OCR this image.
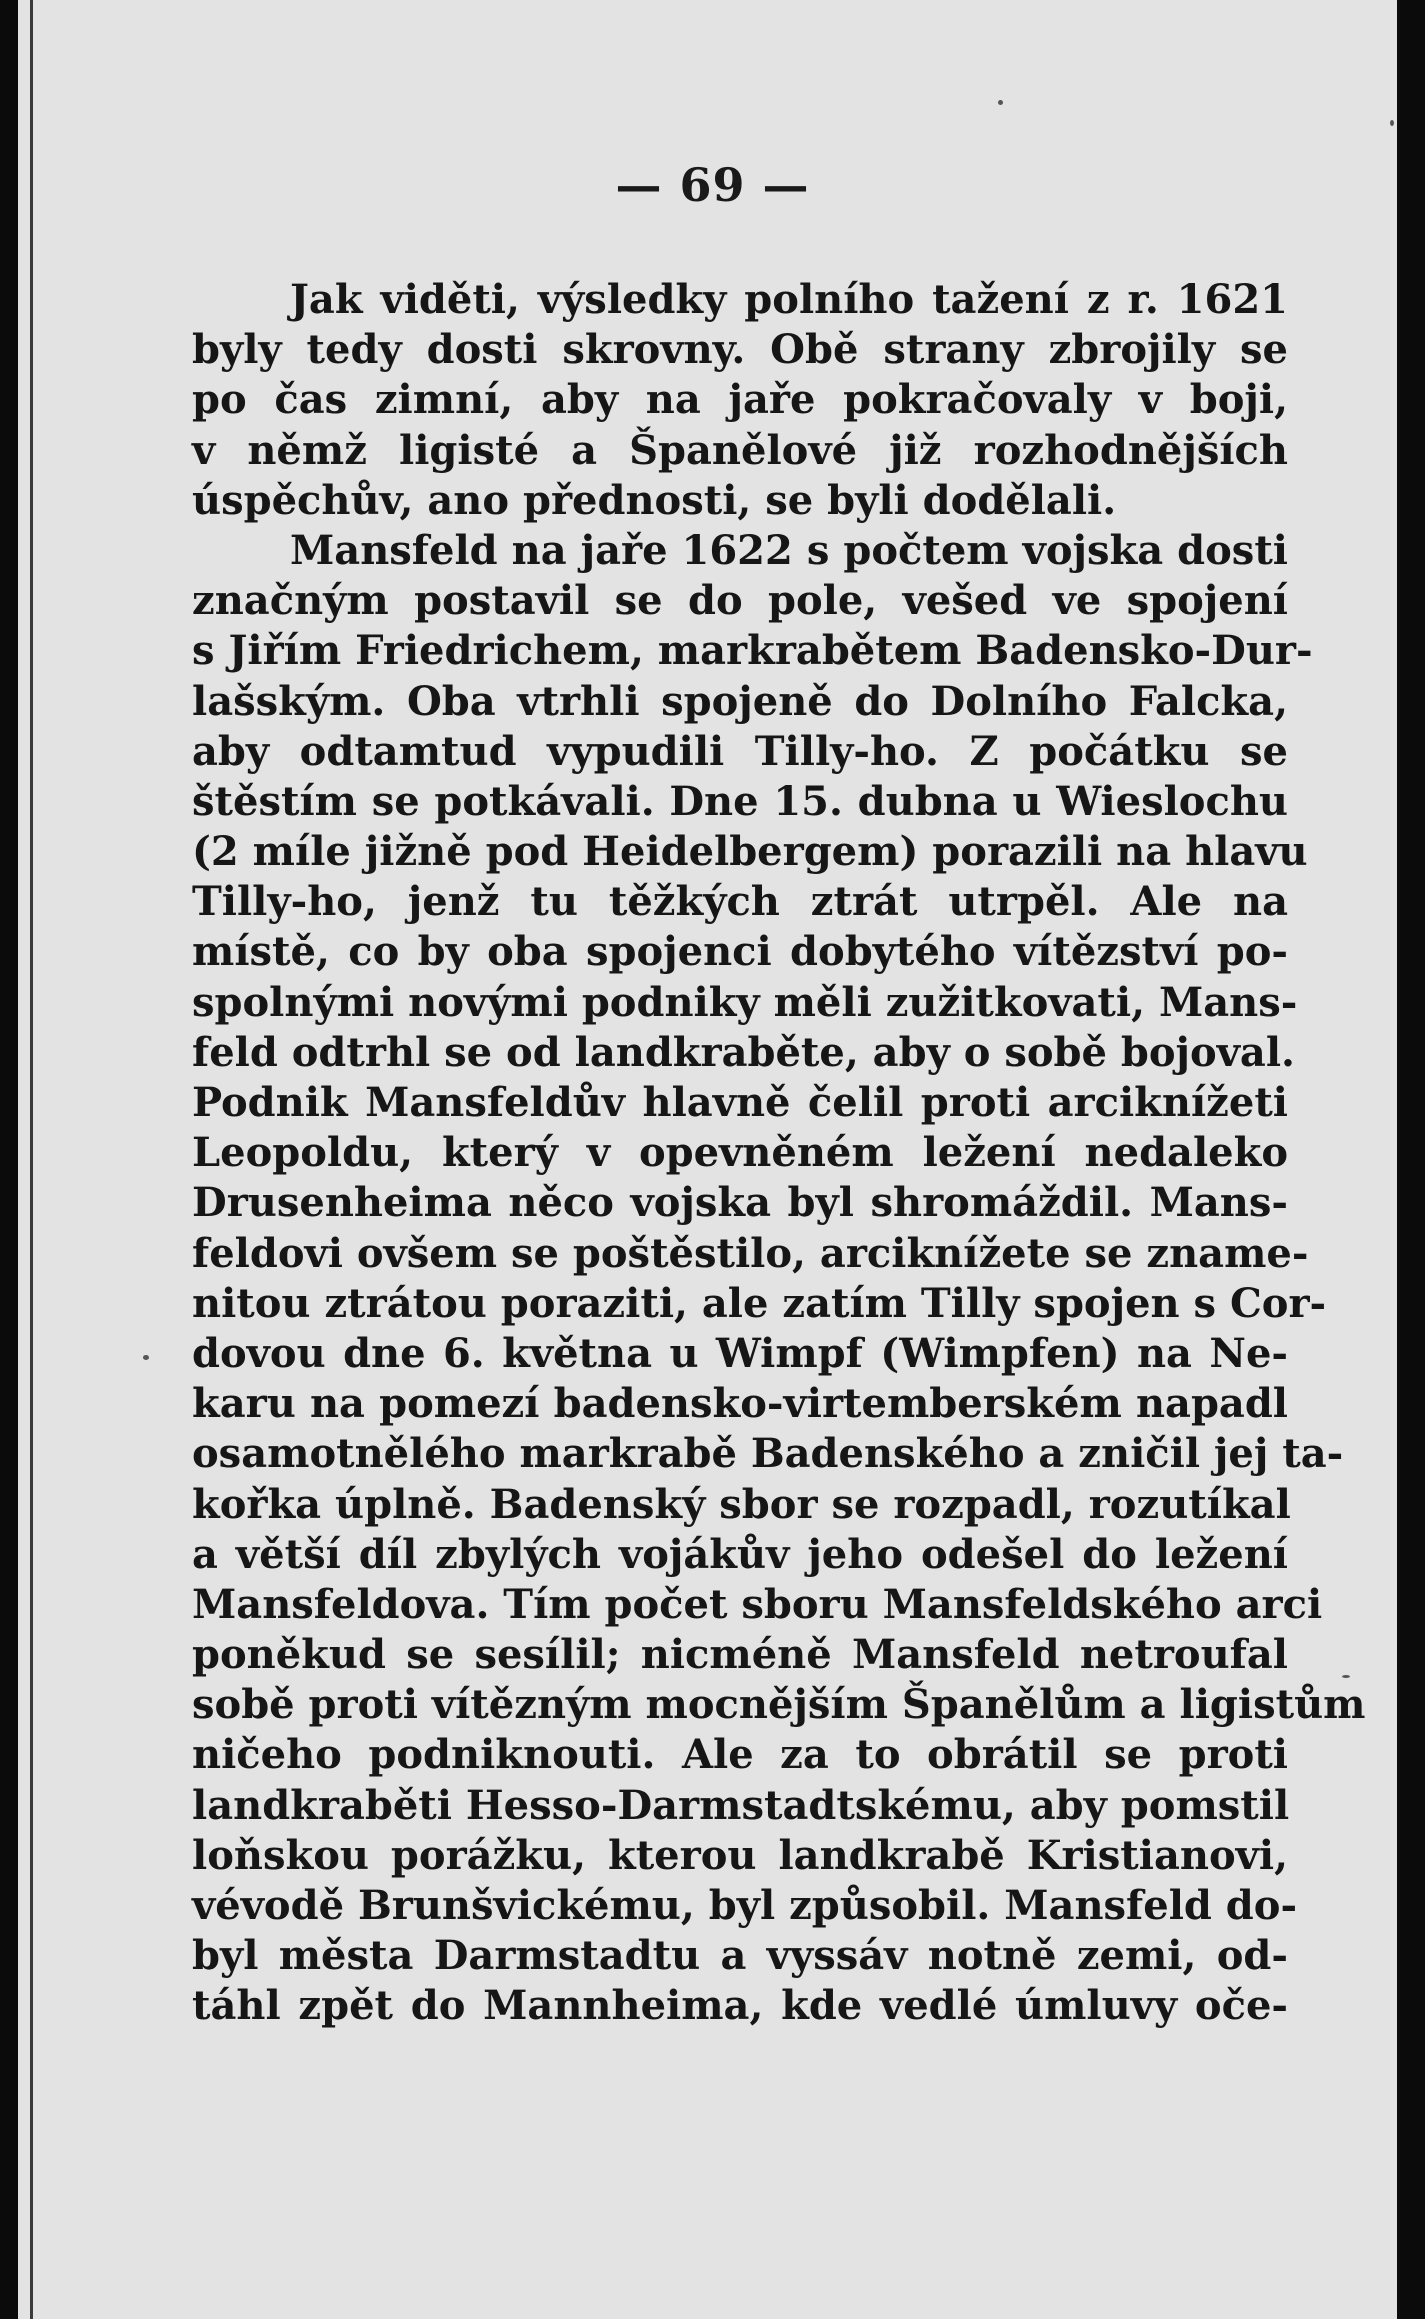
— 69 —
Jak viděti, výsledky polního tažení z r. 1621
byly tedy dosti skrovny. Obě strany zbrojily se
po čas zimní, aby na jaře pokračovaly v boji,
v němž ligisté a Španělové již rozhodnějších
úspěchův, ano přednosti, se byli dodělali.
Mansfeld na jaře 1622 s počtem vojska dosti
značným postavil se do pole, vešed ve spojení
s Jiřím Friedrichem, markrabětem Badensko-Dur-
lašským. Oba vtrhli spojeně do Dolního Falcka,
aby odtamtud vypudili Tilly-ho. Z počátku se
štěstím se potkávali. Dne 15. dubna u Wieslochu
(2 míle jižně pod Heidelbergem) porazili na hlavu
Tilly-ho, jenž tu těžkých ztrát utrpěl. Ale na
místě, co by oba spojenci dobytého vítězství po-
spolnými novými podniky měli zužitkovati, Mans-
feld odtrhl se od landkraběte, aby o sobě bojoval.
Podnik Mansfeldův hlavně čelil proti arciknížeti
Leopoldu, který v opevněném ležení nedaleko
Drusenheima něco vojska byl shromáždil. Mans-
feldovi ovšem se poštěstilo, arciknížete se zname-
nitou ztrátou poraziti, ale zatím Tilly spojen s Cor-
dovou dne 6. května u Wimpf (Wimpfen) na Ne-
karu na pomezí badensko-virtemberském napadl
osamotnělého markrabě Badenského a zničil jej ta-
kořka úplně. Badenský sbor se rozpadl, rozutíkal
a větší díl zbylých vojákův jeho odešel do ležení
Mansfeldova. Tím počet sboru Mansfeldského arci
poněkud se sesílil; nicméně Mansfeld netroufal
sobě proti vítězným mocnějším Španělům a ligistům
ničeho podniknouti. Ale za to obrátil se proti
landkraběti Hesso-Darmstadtskému, aby pomstil
loňskou porážku, kterou landkrabě Kristianovi,
vévodě Brunšvickému, byl způsobil. Mansfeld do-
byl města Darmstadtu a vyssáv notně zemi, od-
táhl zpět do Mannheima, kde vedlé úmluvy oče-
